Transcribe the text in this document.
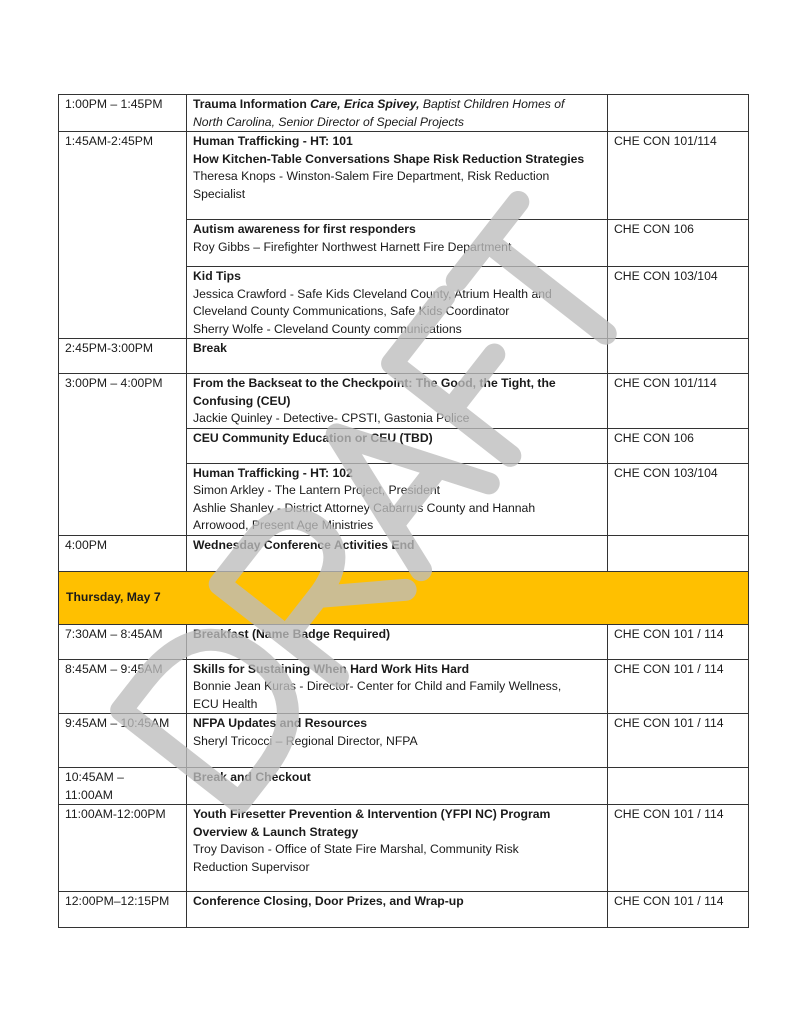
1:00PM – 1:45PM	Trauma Information Care, Erica Spivey, Baptist Children Homes of
North Carolina, Senior Director of Special Projects	

1:45AM-2:45PM	Human Trafficking - HT: 101
How Kitchen-Table Conversations Shape Risk Reduction Strategies
Theresa Knops - Winston-Salem Fire Department, Risk Reduction
Specialist	CHE CON 101/114

	Autism awareness for first responders
Roy Gibbs – Firefighter Northwest Harnett Fire Department	CHE CON 106

	Kid Tips
Jessica Crawford - Safe Kids Cleveland County, Atrium Health and
Cleveland County Communications, Safe Kids Coordinator
Sherry Wolfe - Cleveland County communications	CHE CON 103/104
2:45PM-3:00PM	Break	

3:00PM – 4:00PM	From the Backseat to the Checkpoint: The Good, the Tight, the
Confusing (CEU)
Jackie Quinley - Detective- CPSTI, Gastonia Police	CHE CON 101/114

	CEU Community Education or CEU (TBD)	CHE CON 106

	Human Trafficking - HT: 102
Simon Arkley - The Lantern Project, President
Ashlie Shanley - District Attorney Cabarrus County and Hannah
Arrowood, Present Age Ministries	CHE CON 103/104
4:00PM	Wednesday Conference Activities End	

Thursday, May 7		
7:30AM – 8:45AM	Breakfast (Name Badge Required)	CHE CON 101 / 114
8:45AM – 9:45AM	Skills for Sustaining When Hard Work Hits Hard
Bonnie Jean Kuras - Director- Center for Child and Family Wellness,
ECU Health	CHE CON 101 / 114
9:45AM – 10:45AM	NFPA Updates and Resources
Sheryl Tricocci – Regional Director, NFPA	CHE CON 101 / 114

10:45AM –
11:00AM	Break and Checkout	

11:00AM-12:00PM	Youth Firesetter Prevention & Intervention (YFPI NC) Program
Overview & Launch Strategy
Troy Davison - Office of State Fire Marshal, Community Risk
Reduction Supervisor	CHE CON 101 / 114
12:00PM–12:15PM	Conference Closing, Door Prizes, and Wrap-up	CHE CON 101 / 114
